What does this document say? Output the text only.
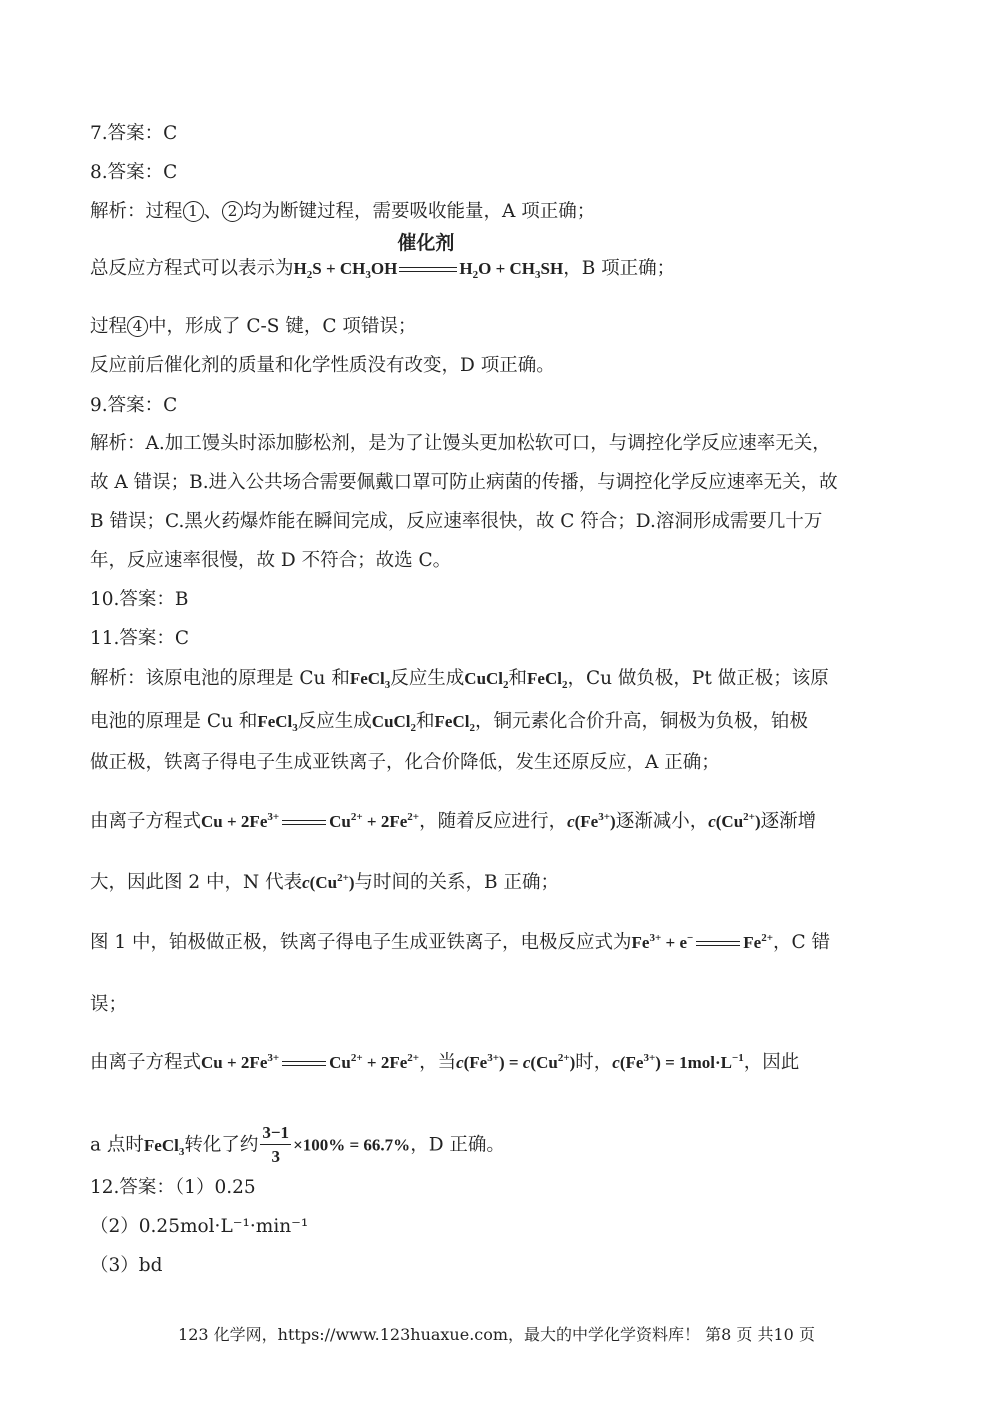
7.答案：C
8.答案：C
解析：过程 1 、 2 均为断键过程，需要吸收能量，A 项正确；
总反应方程式可以表示为$H_2S + CH_3OH$
催化剂
$H_2O + CH_3SH$，B 项正确；
过程 4 中，形成了 C-S 键，C 项错误；
反应前后催化剂的质量和化学性质没有改变，D 项正确。
9.答案：C
解析：A.加工馒头时添加膨松剂，是为了让馒头更加松软可口，与调控化学反应速率无关，
故 A 错误；B.进入公共场合需要佩戴口罩可防止病菌的传播，与调控化学反应速率无关，故
B 错误；C.黑火药爆炸能在瞬间完成，反应速率很快，故 C 符合；D.溶洞形成需要几十万
年，反应速率很慢，故 D 不符合；故选 C。
10.答案：B
11.答案：C
解析：该原电池的原理是 Cu 和FeCl$_3$反应生成CuCl$_2$和FeCl$_2$，Cu 做负极，Pt 做正极；该原
电池的原理是 Cu 和FeCl$_3$反应生成CuCl$_2$和FeCl$_2$，铜元素化合价升高，铜极为负极，铂极
做正极，铁离子得电子生成亚铁离子，化合价降低，发生还原反应，A 正确；
由离子方程式$Cu + 2Fe^{3+}$	$Cu^{2+} + 2Fe^{2+}$，随着反应进行，$c(Fe^{3+})$逐渐减小，$c(Cu^{2+})$逐渐增
大，因此图 2 中，N 代表$c(Cu^{2+})$与时间的关系，B 正确；
图 1 中，铂极做正极，铁离子得电子生成亚铁离子，电极反应式为$Fe^{3+} + e^-$	$Fe^{2+}$，C 错
误；
由离子方程式$Cu + 2Fe^{3+}$	$Cu^{2+} + 2Fe^{2+}$，当$c(Fe^{3+}) = c(Cu^{2+})$时，$c(Fe^{3+}) = 1mol\cdot L^{-1}$，因此
a 点时FeCl$_3$转化了约 $\frac{3-1}{3} \times 100\% = 66.7\%$，D 正确。
12.答案：（1）0.25
（2）0.25mol·L⁻¹·min⁻¹
（3）bd
123 化学网，https://www.123huaxue.com，最大的中学化学资料库！ 第8 页 共10 页
